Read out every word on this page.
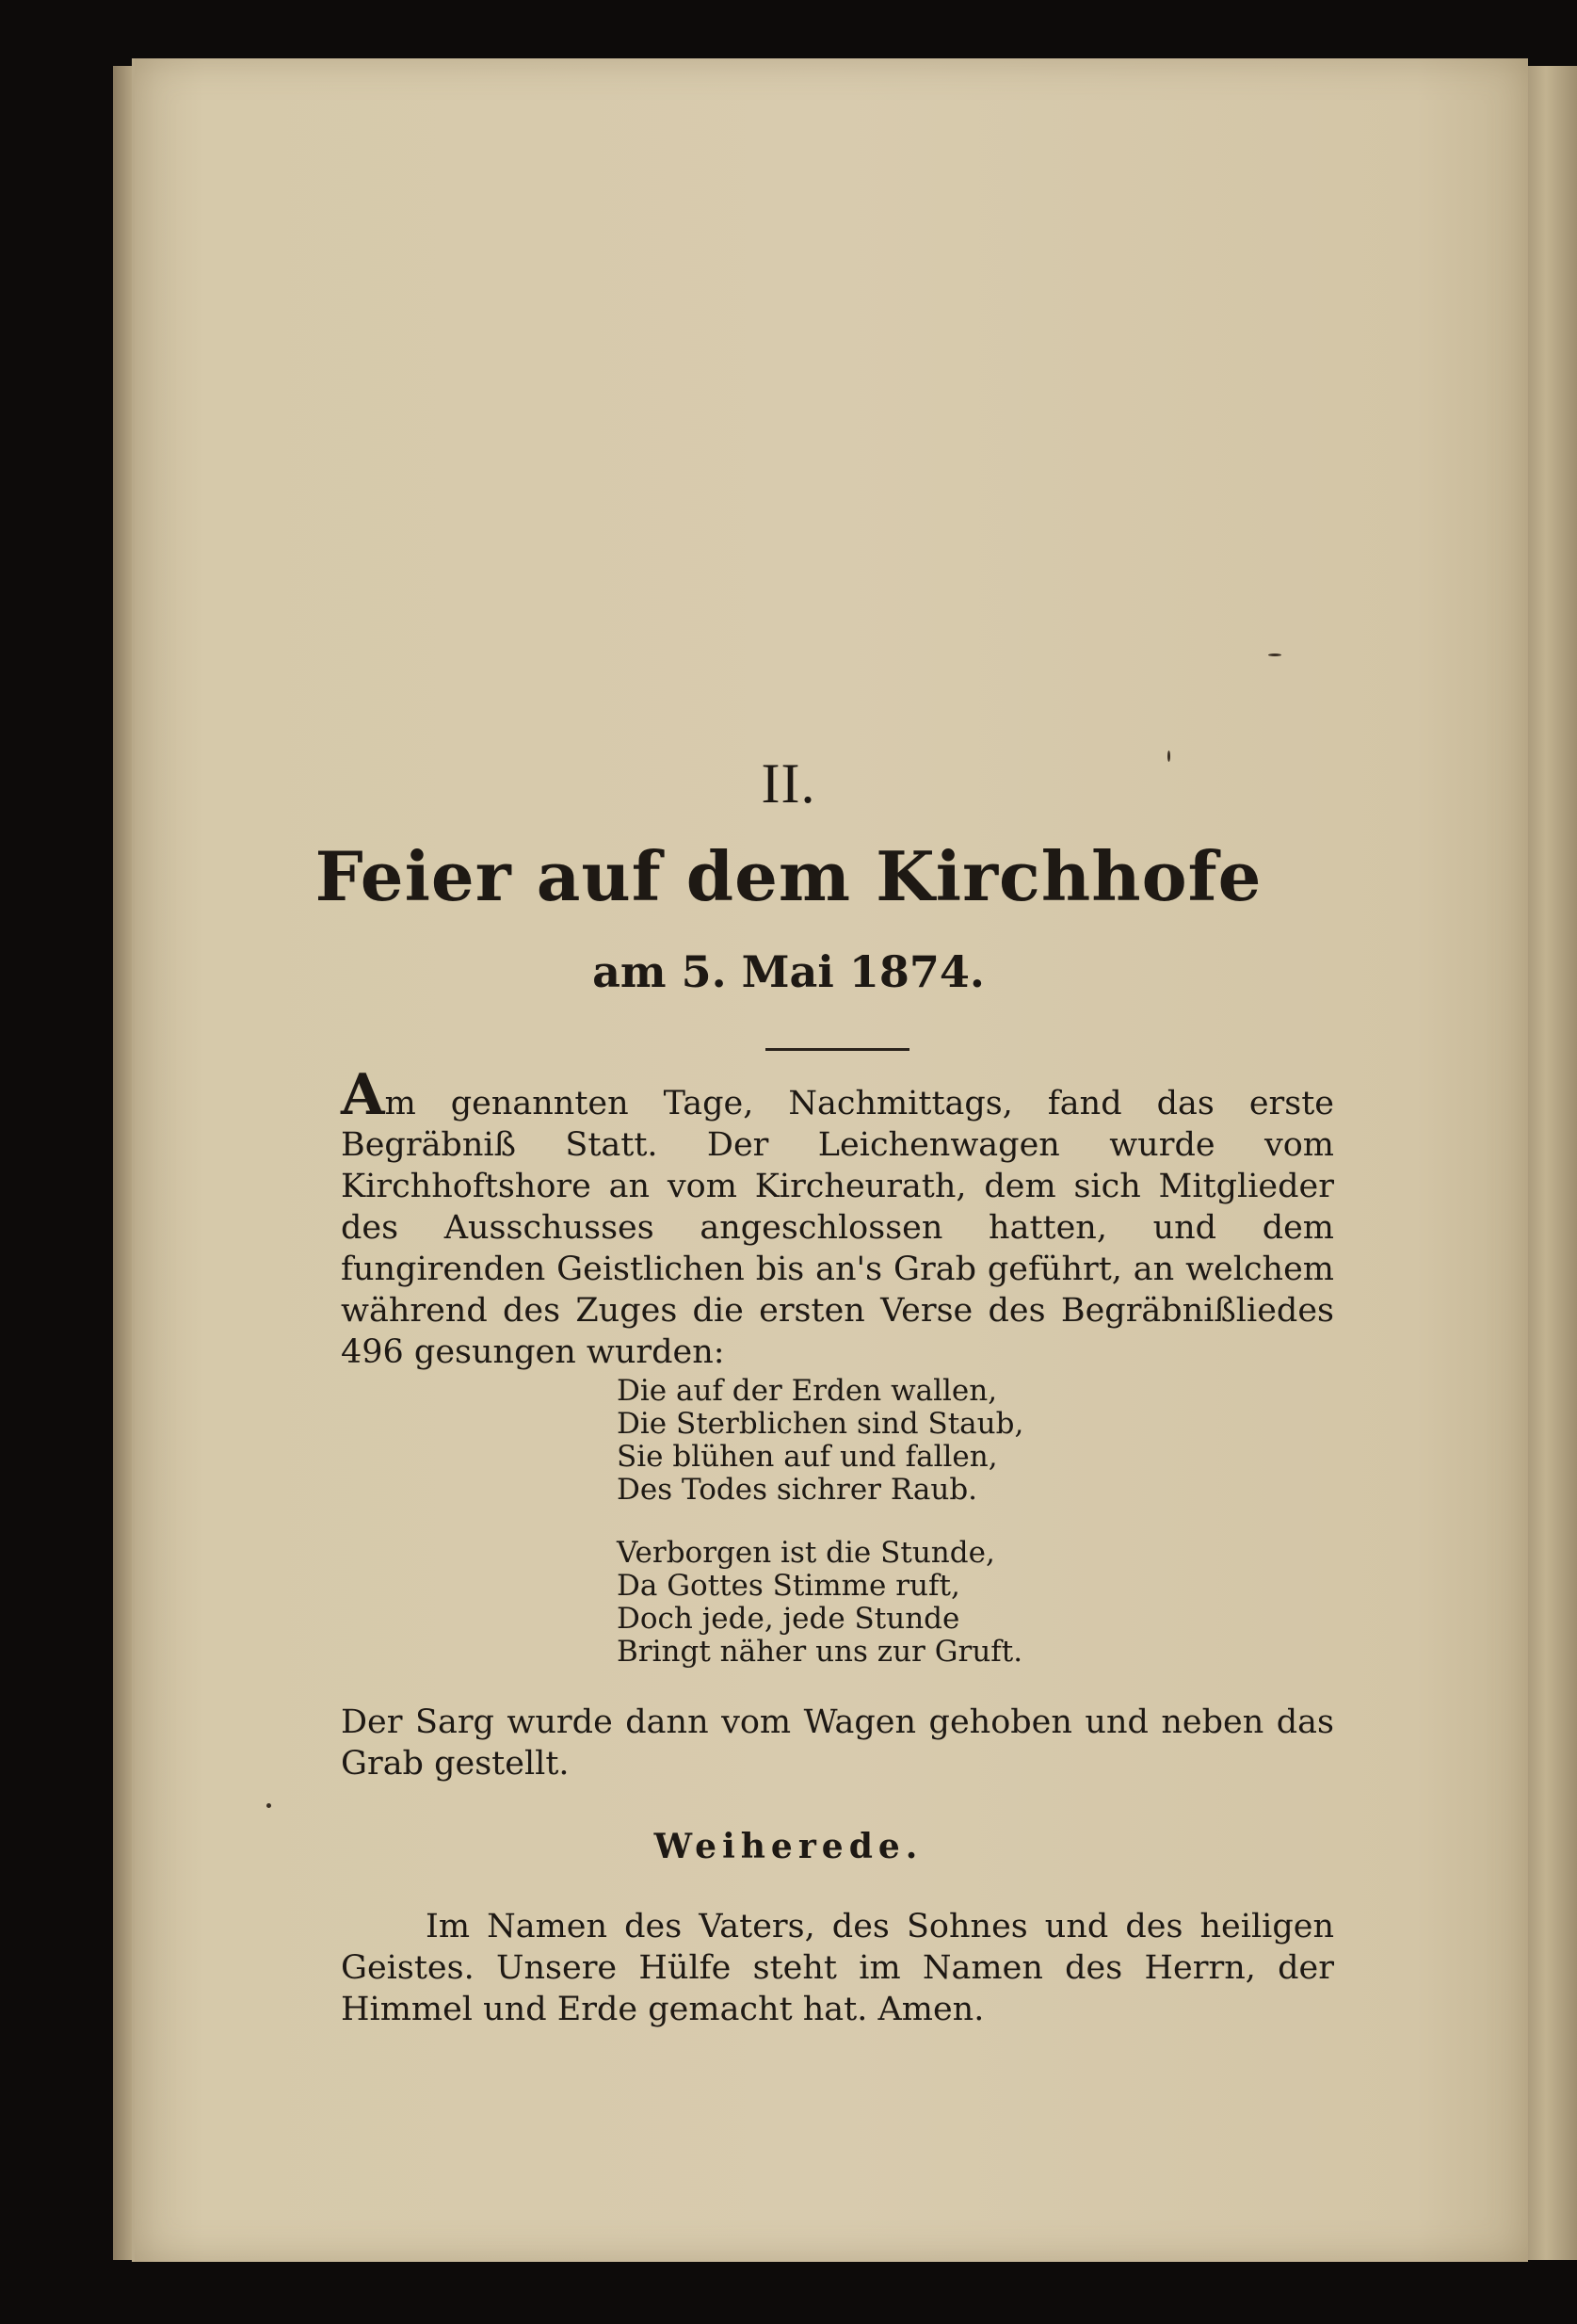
II.
Feier auf dem Kirchhofe
am 5. Mai 1874.
Am genannten Tage, Nachmittags, fand das erste Begräbniß Statt. Der Leichenwagen wurde vom Kirchhoftshore an vom Kircheurath, dem sich Mitglieder des Ausschusses angeschlossen hatten, und dem fungirenden Geistlichen bis an's Grab geführt, an welchem während des Zuges die ersten Verse des Begräbnißliedes 496 gesungen wurden:
Die auf der Erden wallen,
Die Sterblichen sind Staub,
Sie blühen auf und fallen,
Des Todes sichrer Raub.
Verborgen ist die Stunde,
Da Gottes Stimme ruft,
Doch jede, jede Stunde
Bringt näher uns zur Gruft.
Der Sarg wurde dann vom Wagen gehoben und neben das Grab gestellt.
Weiherede.
Im Namen des Vaters, des Sohnes und des heiligen Geistes. Unsere Hülfe steht im Namen des Herrn, der Himmel und Erde gemacht hat. Amen.
